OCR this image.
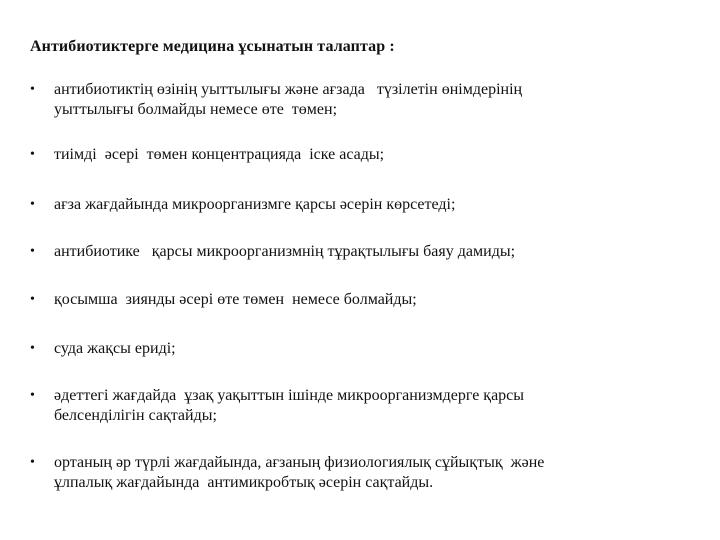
Антибиотиктерге медицина ұсынатын талаптар :
•	антибиотиктің өзінің уыттылығы және ағзада   түзілетін өнімдерінің
уыттылығы болмайды немесе өте  төмен;
•	тиімді  әсері  төмен концентрацияда  іске асады;
•	ағза жағдайында микроорганизмге қарсы әсерін көрсетеді;
•	антибиотике   қарсы микроорганизмнің тұрақтылығы баяу дамиды;
•	қосымша  зиянды әсері өте төмен  немесе болмайды;
•	суда жақсы ериді;
•	әдеттегі жағдайда  ұзақ уақыттын ішінде микроорганизмдерге қарсы
белсенділігін сақтайды;
•	ортаның әр түрлі жағдайында, ағзаның физиологиялық сұйықтық  және
ұлпалық жағдайында  антимикробтық әсерін сақтайды.
